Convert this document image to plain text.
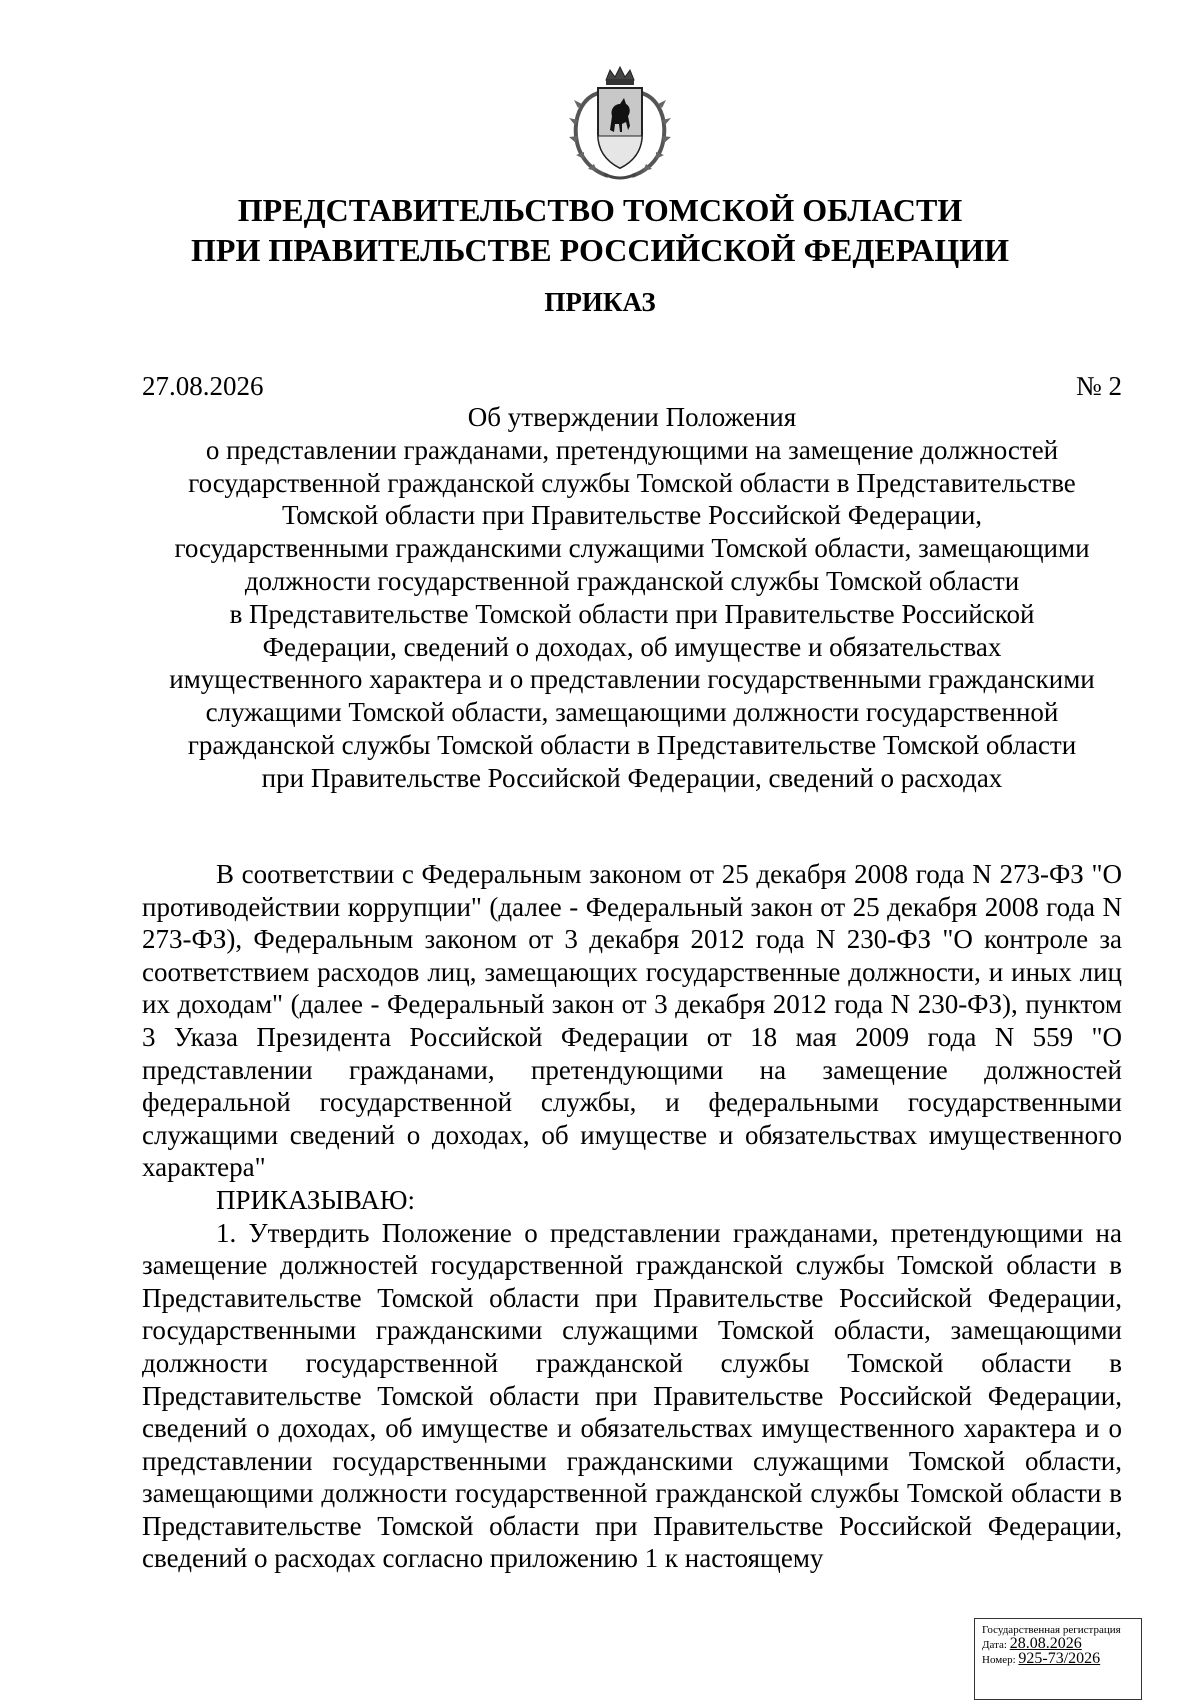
ПРЕДСТАВИТЕЛЬСТВО ТОМСКОЙ ОБЛАСТИ
ПРИ ПРАВИТЕЛЬСТВЕ РОССИЙСКОЙ ФЕДЕРАЦИИ
ПРИКАЗ
27.08.2026	№ 2
Об утверждении Положения
о представлении гражданами, претендующими на замещение должностей
государственной гражданской службы Томской области в Представительстве
Томской области при Правительстве Российской Федерации,
государственными гражданскими служащими Томской области, замещающими
должности государственной гражданской службы Томской области
в Представительстве Томской области при Правительстве Российской
Федерации, сведений о доходах, об имуществе и обязательствах
имущественного характера и о представлении государственными гражданскими
служащими Томской области, замещающими должности государственной
гражданской службы Томской области в Представительстве Томской области
при Правительстве Российской Федерации, сведений о расходах

В соответствии с Федеральным законом от 25 декабря 2008 года N 273-ФЗ "О противодействии коррупции" (далее - Федеральный закон от 25 декабря 2008 года N 273-ФЗ), Федеральным законом от 3 декабря 2012 года N 230-ФЗ "О контроле за соответствием расходов лиц, замещающих государственные должности, и иных лиц их доходам" (далее - Федеральный закон от 3 декабря 2012 года N 230-ФЗ), пунктом 3 Указа Президента Российской Федерации от 18 мая 2009 года N 559 "О представлении гражданами, претендующими на замещение должностей федеральной государственной службы, и федеральными государственными служащими сведений о доходах, об имуществе и обязательствах имущественного характера"

ПРИКАЗЫВАЮ:

1. Утвердить Положение о представлении гражданами, претендующими на замещение должностей государственной гражданской службы Томской области в Представительстве Томской области при Правительстве Российской Федерации, государственными гражданскими служащими Томской области, замещающими должности государственной гражданской службы Томской области в Представительстве Томской области при Правительстве Российской Федерации, сведений о доходах, об имуществе и обязательствах имущественного характера и о представлении государственными гражданскими служащими Томской области, замещающими должности государственной гражданской службы Томской области в Представительстве Томской области при Правительстве Российской Федерации, сведений о расходах согласно приложению 1 к настоящему

Государственная регистрация
Дата: 28.08.2026
Номер: 925-73/2026
